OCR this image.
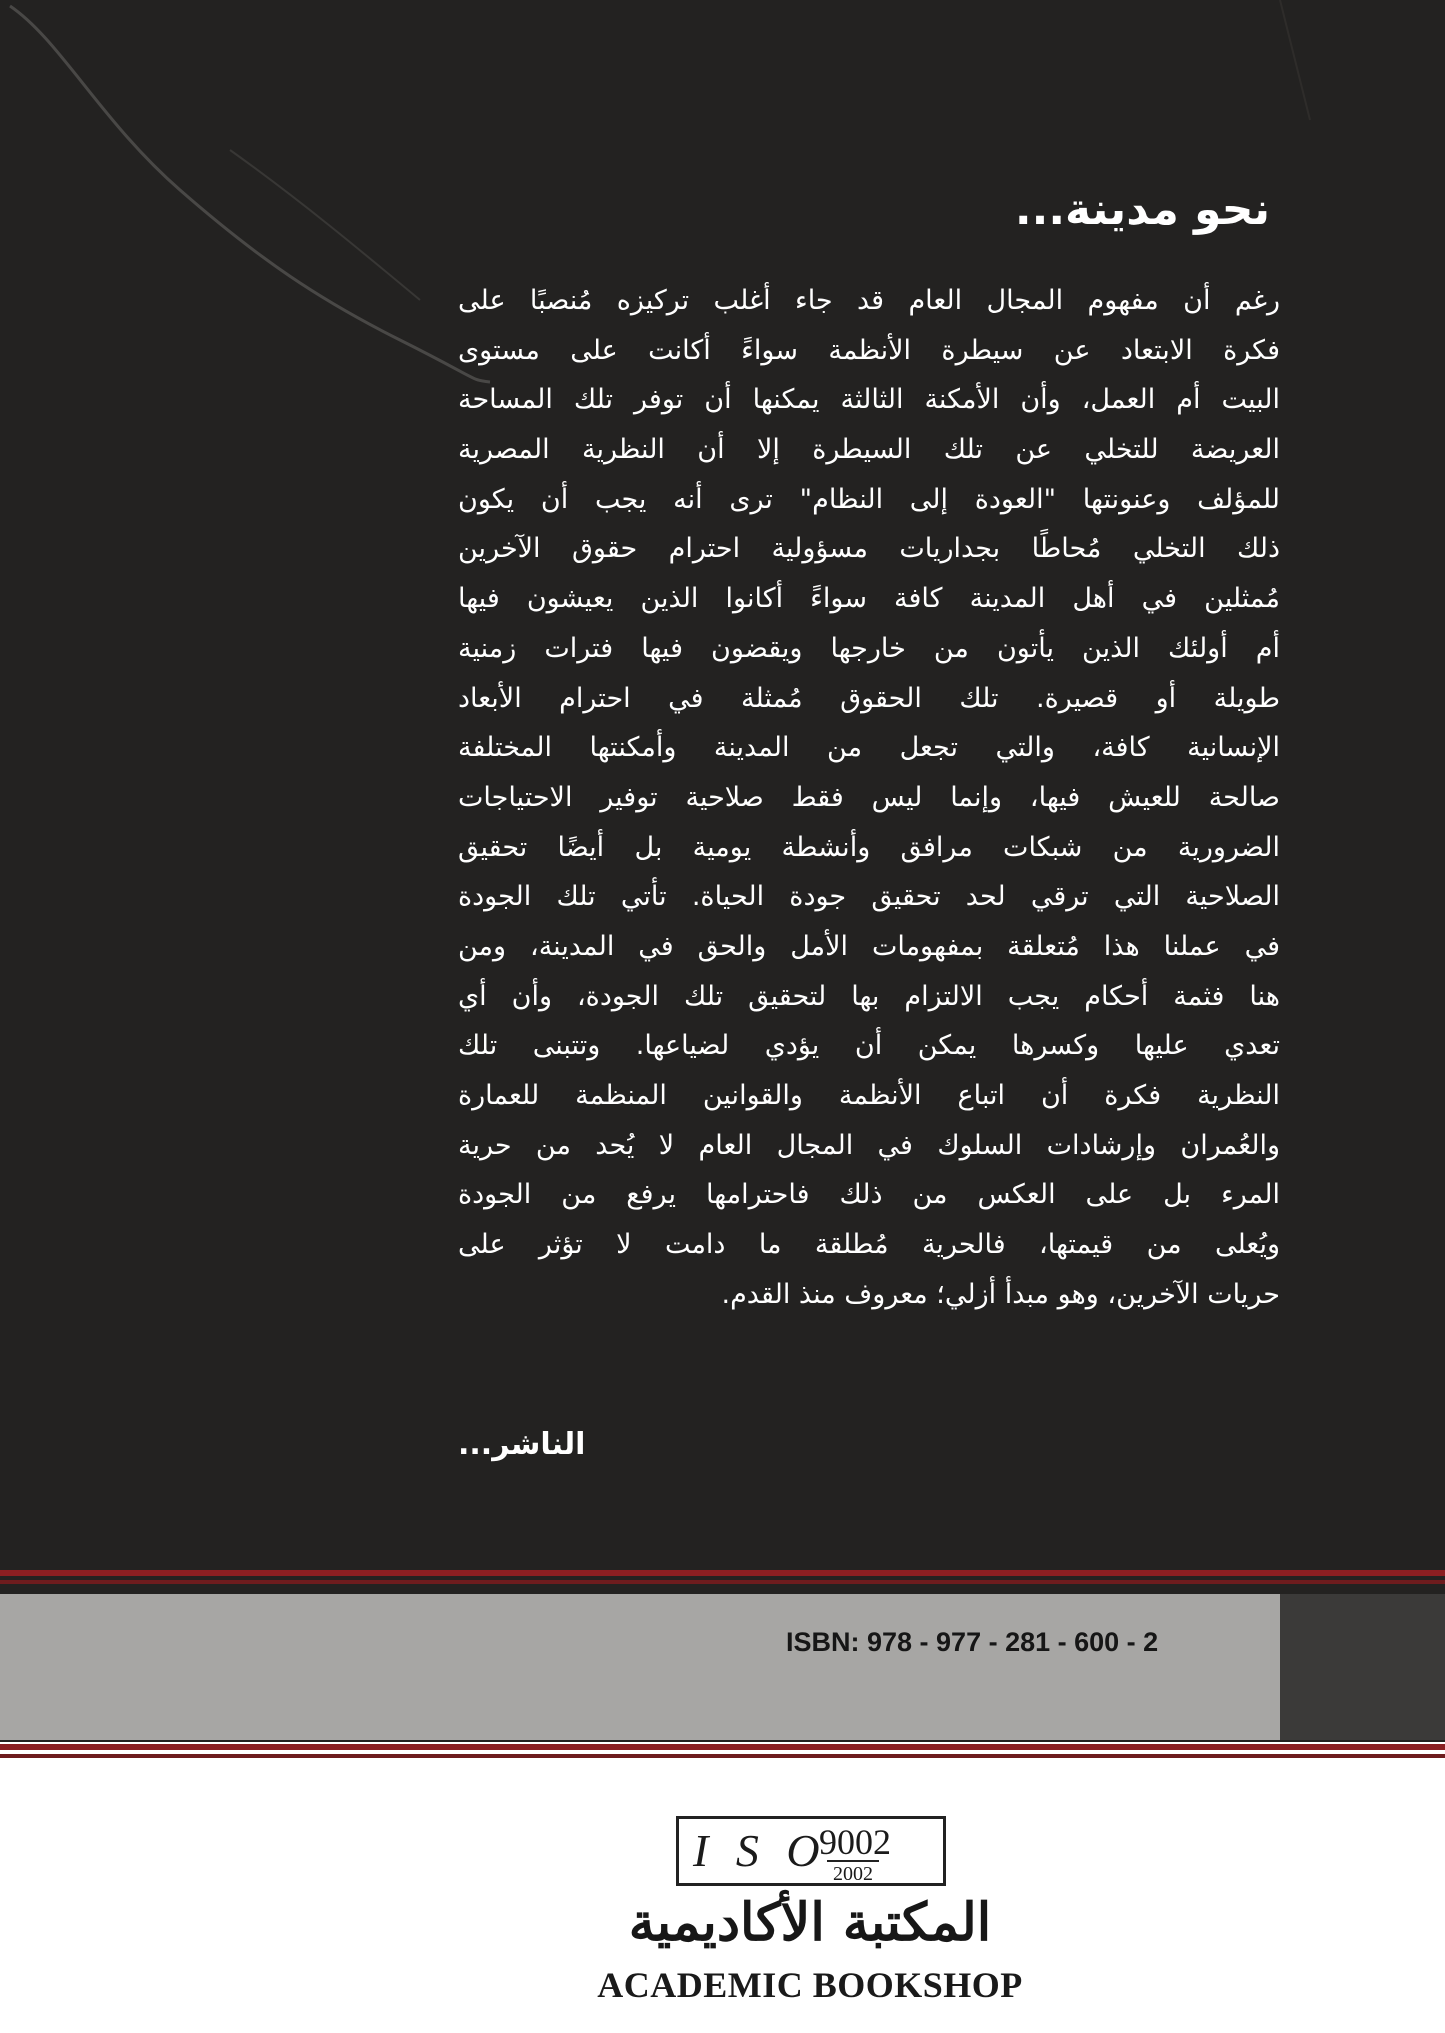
نحو مدينة...
رغم أن مفهوم المجال العام قد جاء أغلب تركيزه مُنصبًا على
فكرة الابتعاد عن سيطرة الأنظمة سواءً أكانت على مستوى
البيت أم العمل، وأن الأمكنة الثالثة يمكنها أن توفر تلك المساحة
العريضة للتخلي عن تلك السيطرة إلا أن النظرية المصرية
للمؤلف وعنونتها "العودة إلى النظام" ترى أنه يجب أن يكون
ذلك التخلي مُحاطًا بجداريات مسؤولية احترام حقوق الآخرين
مُمثلين في أهل المدينة كافة سواءً أكانوا الذين يعيشون فيها
أم أولئك الذين يأتون من خارجها ويقضون فيها فترات زمنية
طويلة أو قصيرة. تلك الحقوق مُمثلة في احترام الأبعاد
الإنسانية كافة، والتي تجعل من المدينة وأمكنتها المختلفة
صالحة للعيش فيها، وإنما ليس فقط صلاحية توفير الاحتياجات
الضرورية من شبكات مرافق وأنشطة يومية بل أيضًا تحقيق
الصلاحية التي ترقي لحد تحقيق جودة الحياة. تأتي تلك الجودة
في عملنا هذا مُتعلقة بمفهومات الأمل والحق في المدينة، ومن
هنا فثمة أحكام يجب الالتزام بها لتحقيق تلك الجودة، وأن أي
تعدي عليها وكسرها يمكن أن يؤدي لضياعها. وتتبنى تلك
النظرية فكرة أن اتباع الأنظمة والقوانين المنظمة للعمارة
والعُمران وإرشادات السلوك في المجال العام لا يُحد من حرية
المرء بل على العكس من ذلك فاحترامها يرفع من الجودة
ويُعلى من قيمتها، فالحرية مُطلقة ما دامت لا تؤثر على
حريات الآخرين، وهو مبدأ أزلي؛ معروف منذ القدم.
الناشر...
ISBN: 978 - 977 - 281 - 600 - 2
I S O
9002
2002
المكتبة الأكاديمية
ACADEMIC BOOKSHOP
